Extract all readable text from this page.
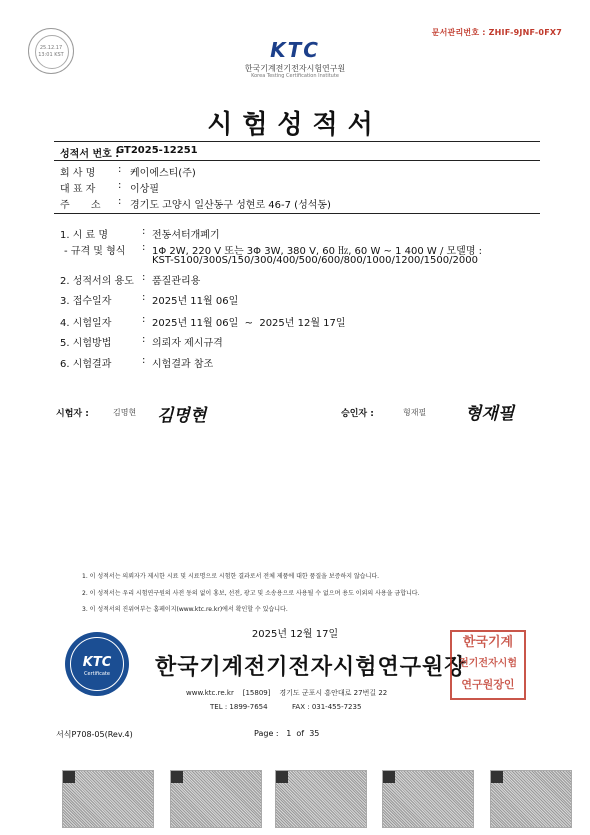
문서관리번호 : ZHIF-9JNF-0FX7
25.12.17
13:01 KST	KTC
한국기계전기전자시험연구원
Korea Testing Certification Institute
시험성적서
성적서 번호 :
GT2025-12251
회 사 명 : 케이에스티(주)
대 표 자 : 이상필
주 소 : 경기도 고양시 일산동구 성현로 46-7 (성석동)
1. 시 료 명	: 전동셔터개폐기
- 규격 및 형식 : 1Φ 2W, 220 V 또는 3Φ 3W, 380 V, 60 ㎐, 60 W ~ 1 400 W / 모델명 :
KST-S100/300S/150/300/400/500/600/800/1000/1200/1500/2000
2. 성적서의 용도 : 품질관리용
3. 접수일자	: 2025년 11월 06일
4. 시험일자	: 2025년 11월 06일  ~  2025년 12월 17일
5. 시험방법	: 의뢰자 제시규격
6. 시험결과	: 시험결과 참조
시험자 :	김명현 김명현	승인자 :	형재필 형재필
1. 이 성적서는 의뢰자가 제시한 시료 및 시료명으로 시험한 결과로서 전체 제품에 대한 품질을 보증하지 않습니다.
2. 이 성적서는 우리 시험연구원의 사전 동의 없이 홍보, 선전, 광고 및 소송용으로 사용될 수 없으며 용도 이외의 사용을 금합니다.
3. 이 성적서의 진위여부는 홈페이지(www.ktc.re.kr)에서 확인할 수 있습니다.
2025년 12월 17일
KTC
Certificate	한국기계전기전자시험연구원장
한국기계
전기전자시험
연구원장인
www.ktc.re.kr [15809] 경기도 군포시 흥안대로 27번길 22
TEL : 1899-7654	FAX : 031-455-7235
서식P708-05(Rev.4)	Page :   1  of  35
